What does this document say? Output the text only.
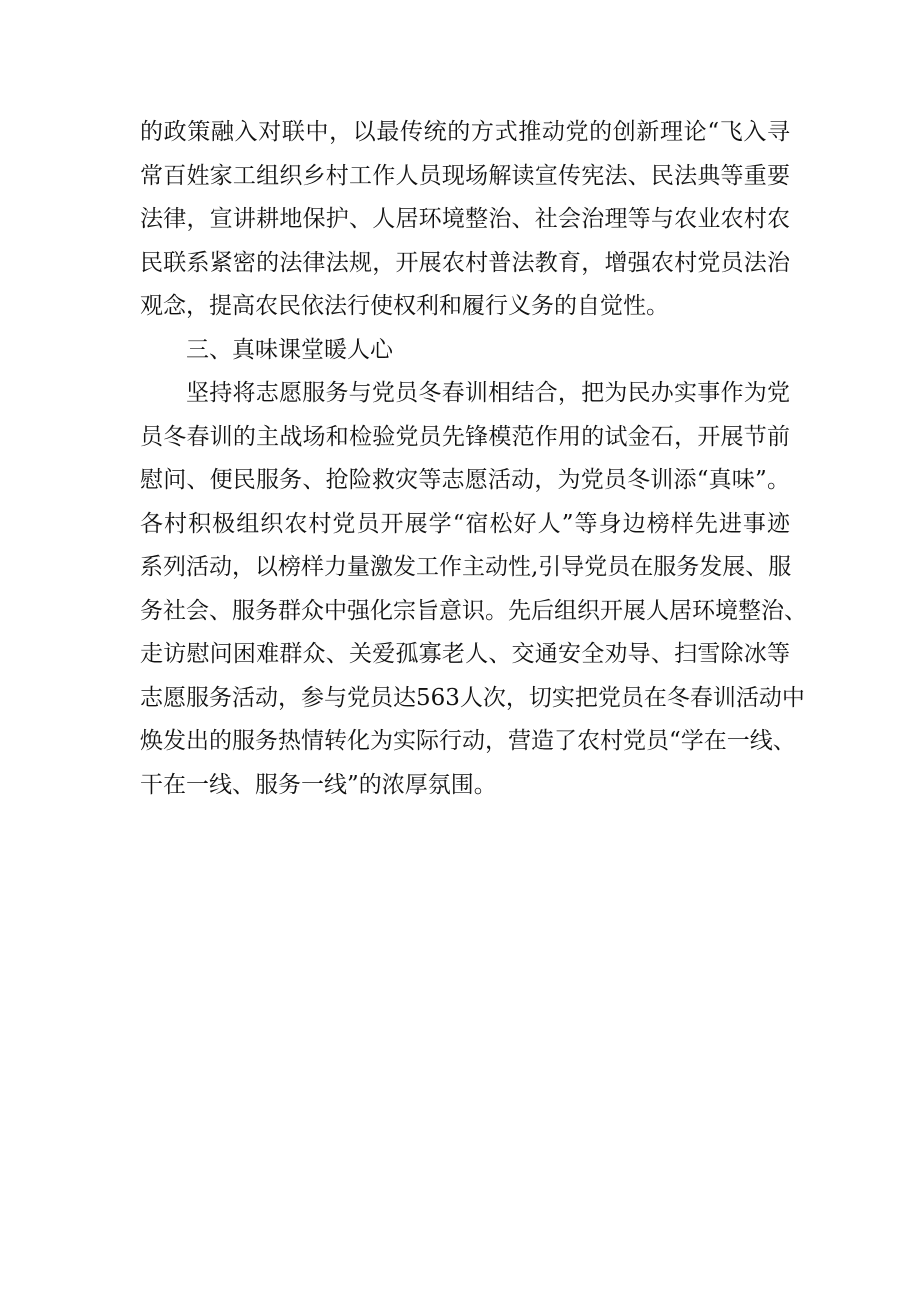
的政策融入对联中，以最传统的方式推动党的创新理论“飞入寻
常百姓家工组织乡村工作人员现场解读宣传宪法、民法典等重要
法律，宣讲耕地保护、人居环境整治、社会治理等与农业农村农
民联系紧密的法律法规，开展农村普法教育，增强农村党员法治
观念，提高农民依法行使权利和履行义务的自觉性。
三、真味课堂暖人心
坚持将志愿服务与党员冬春训相结合，把为民办实事作为党
员冬春训的主战场和检验党员先锋模范作用的试金石，开展节前
慰问、便民服务、抢险救灾等志愿活动，为党员冬训添“真味”。
各村积极组织农村党员开展学“宿松好人”等身边榜样先进事迹
系列活动，以榜样力量激发工作主动性,引导党员在服务发展、服
务社会、服务群众中强化宗旨意识。先后组织开展人居环境整治、
走访慰问困难群众、关爱孤寡老人、交通安全劝导、扫雪除冰等
志愿服务活动，参与党员达563人次，切实把党员在冬春训活动中
焕发出的服务热情转化为实际行动，营造了农村党员“学在一线、
干在一线、服务一线”的浓厚氛围。
